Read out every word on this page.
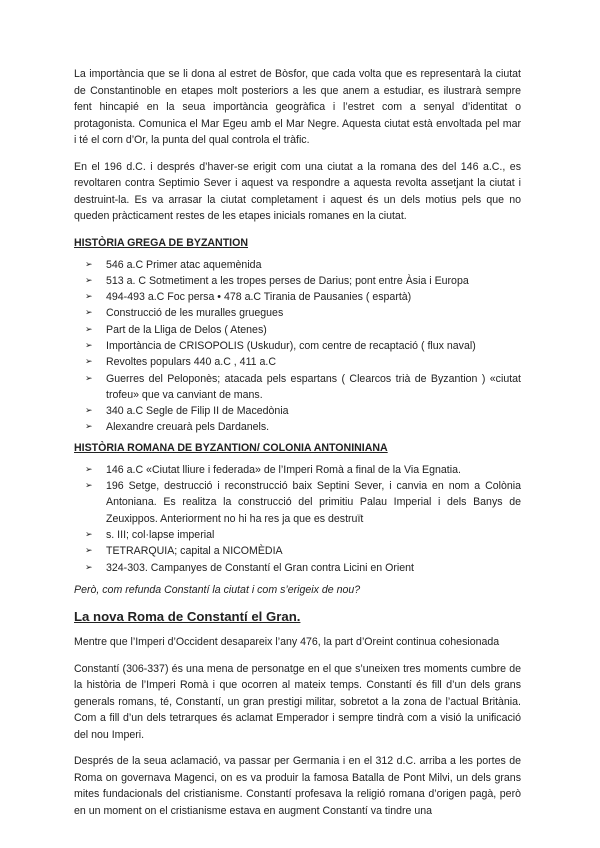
La importància que se li dona al estret de Bòsfor, que cada volta que es representarà la ciutat de Constantinoble en etapes molt posteriors a les que anem a estudiar, es ilustrarà sempre fent hincapié en la seua importància geogràfica i l’estret com a senyal d’identitat o protagonista. Comunica el Mar Egeu amb el Mar Negre. Aquesta ciutat està envoltada pel mar i té el corn d’Or, la punta del qual controla el tràfic.

En el 196 d.C. i després d’haver-se erigit com una ciutat a la romana des del 146 a.C., es revoltaren contra Septimio Sever i aquest va respondre a aquesta revolta assetjant la ciutat i destruint-la. Es va arrasar la ciutat completament i aquest és un dels motius pels que no queden pràcticament restes de les etapes inicials romanes en la ciutat.

HISTÒRIA GREGA DE BYZANTION
➢ 546 a.C Primer atac aquemènida
➢ 513 a. C Sotmetiment a les tropes perses de Darius; pont entre Àsia i Europa
➢ 494-493 a.C Foc persa • 478 a.C Tirania de Pausanies ( espartà)
➢ Construcció de les muralles gruegues
➢ Part de la Lliga de Delos ( Atenes)
➢ Importància de CRISOPOLIS (Uskudur), com centre de recaptació ( flux naval)
➢ Revoltes populars 440 a.C , 411 a.C
➢ Guerres del Peloponès; atacada pels espartans ( Clearcos trià de Byzantion ) «ciutat trofeu» que va canviant de mans.
➢ 340 a.C Segle de Filip II de Macedònia
➢ Alexandre creuarà pels Dardanels.
HISTÒRIA ROMANA DE BYZANTION/ COLONIA ANTONINIANA
➢ 146 a.C «Ciutat lliure i federada» de l’Imperi Romà a final de la Via Egnatia.
➢ 196 Setge, destrucció i reconstrucció baix Septini Sever, i canvia en nom a Colònia Antoniana. Es realitza la construcció del primitiu Palau Imperial i dels Banys de Zeuxippos. Anteriorment no hi ha res ja que es destruït
➢ s. III; col·lapse imperial
➢ TETRARQUIA; capital a NICOMÈDIA
➢ 324-303. Campanyes de Constantí el Gran contra Licini en Orient

Però, com refunda Constantí la ciutat i com s’erigeix de nou?

La nova Roma de Constantí el Gran.

Mentre que l’Imperi d’Occident desapareix l’any 476, la part d’Oreint continua cohesionada

Constantí (306-337) és una mena de personatge en el que s’uneixen tres moments cumbre de la història de l’Imperi Romà i que ocorren al mateix temps. Constantí és fill d’un dels grans generals romans, té, Constantí, un gran prestigi militar, sobretot a la zona de l’actual Britània. Com a fill d’un dels tetrarques és aclamat Emperador i sempre tindrà com a visió la unificació del nou Imperi.

Després de la seua aclamació, va passar per Germania i en el 312 d.C. arriba a les portes de Roma on governava Magenci, on es va produir la famosa Batalla de Pont Milvi, un dels grans mites fundacionals del cristianisme. Constantí profesava la religió romana d’origen pagà, però en un moment on el cristianisme estava en augment Constantí va tindre una
